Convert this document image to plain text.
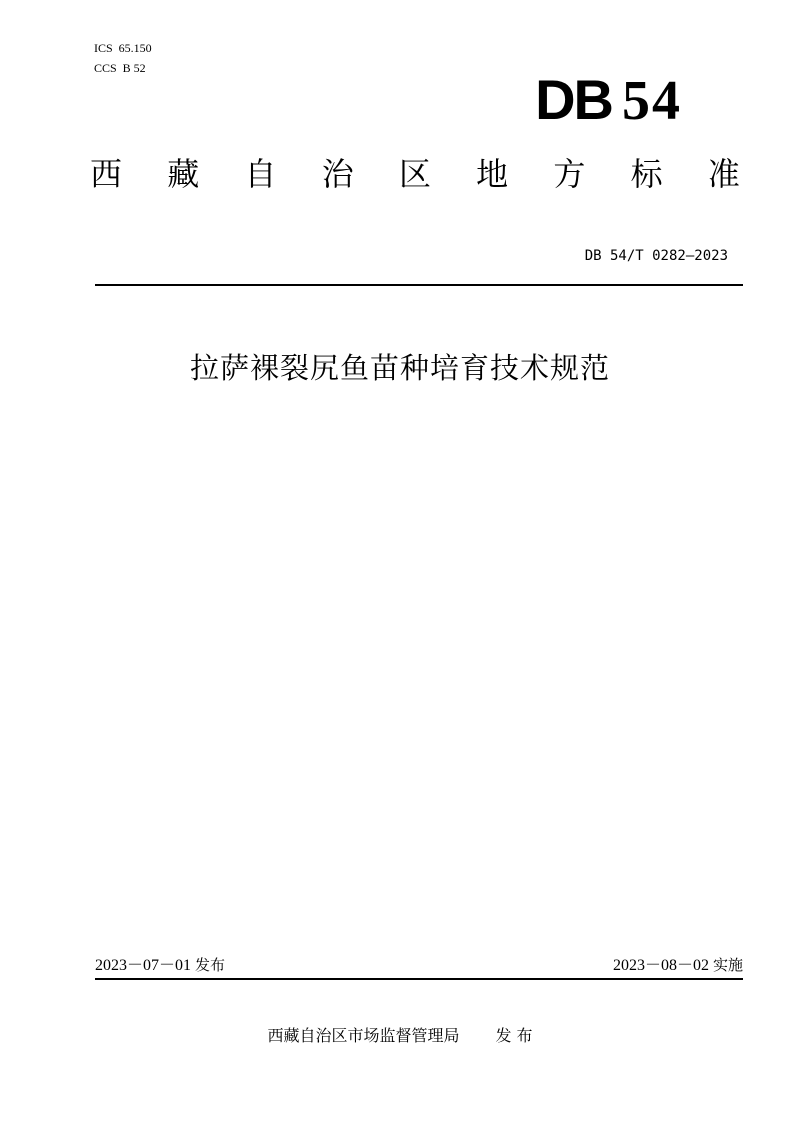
ICS  65.150
CCS  B 52	DB 54
西 藏 自 治 区 地 方 标 准
DB 54/T 0282—2023
拉萨裸裂尻鱼苗种培育技术规范
2023－07－01 发布	2023－08－02 实施
西藏自治区市场监督管理局 发 布
